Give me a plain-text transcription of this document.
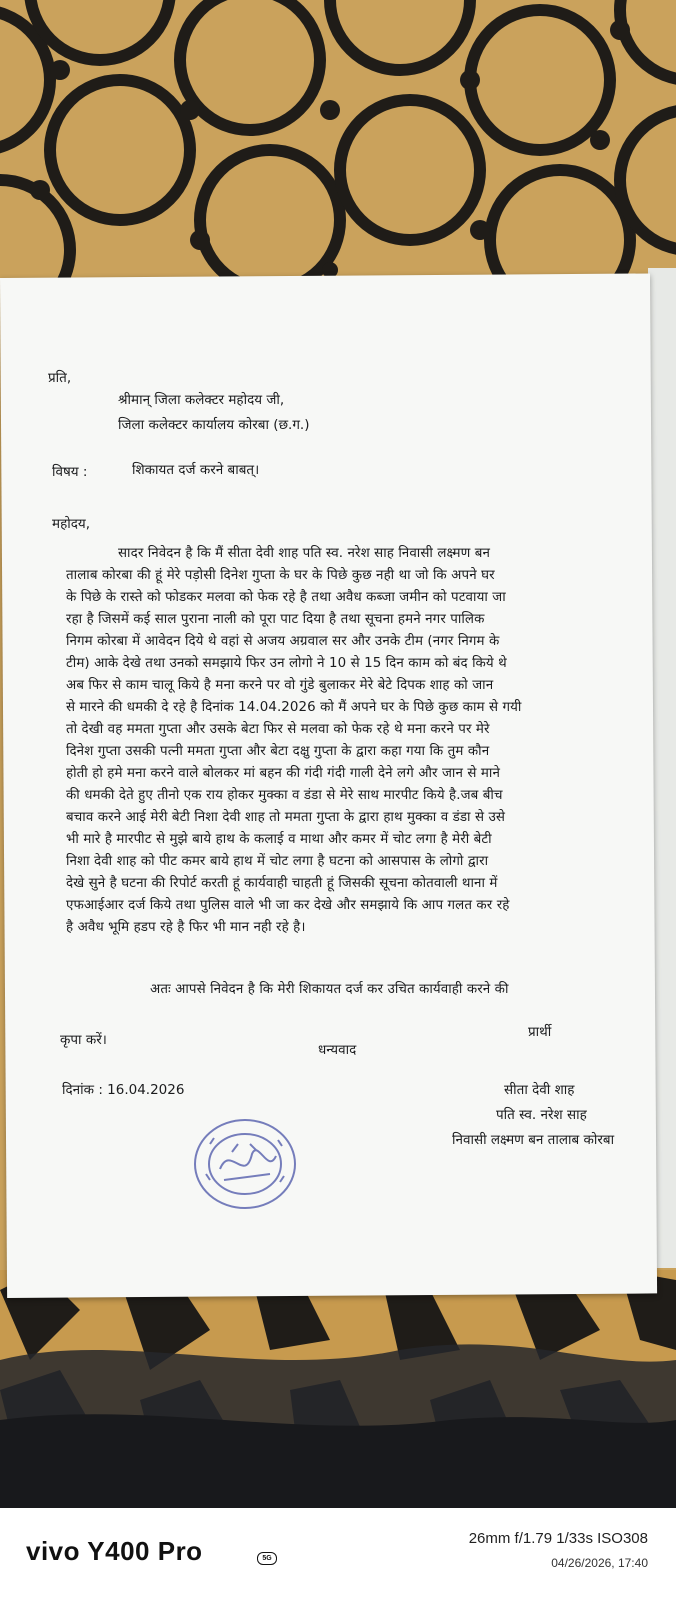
प्रति,
श्रीमान् जिला कलेक्टर महोदय जी,
जिला कलेक्टर कार्यालय कोरबा (छ.ग.)
विषय :	शिकायत दर्ज करने बाबत्।
महोदय,
सादर निवेदन है कि मैं सीता देवी शाह पति स्व. नरेश साह निवासी लक्ष्मण बन
तालाब कोरबा की हूं मेरे पड़ोसी दिनेश गुप्ता के घर के पिछे कुछ नही था जो कि अपने घर
के पिछे के रास्ते को फोडकर मलवा को फेक रहे है तथा अवैध कब्जा जमीन को पटवाया जा
रहा है जिसमें कई साल पुराना नाली को पूरा पाट दिया है तथा सूचना हमने नगर पालिक
निगम कोरबा में आवेदन दिये थे वहां से अजय अग्रवाल सर और उनके टीम (नगर निगम के
टीम) आके देखे तथा उनको समझाये फिर उन लोगो ने 10 से 15 दिन काम को बंद किये थे
अब फिर से काम चालू किये है मना करने पर वो गुंडे बुलाकर मेरे बेटे दिपक शाह को जान
से मारने की धमकी दे रहे है दिनांक 14.04.2026 को मैं अपने घर के पिछे कुछ काम से गयी
तो देखी वह ममता गुप्ता और उसके बेटा फिर से मलवा को फेक रहे थे मना करने पर मेरे
दिनेश गुप्ता उसकी पत्नी ममता गुप्ता और बेटा दक्षु गुप्ता के द्वारा कहा गया कि तुम कौन
होती हो हमे मना करने वाले बोलकर मां बहन की गंदी गंदी गाली देने लगे और जान से माने
की धमकी देते हुए तीनो एक राय होकर मुक्का व डंडा से मेरे साथ मारपीट किये है.जब बीच
बचाव करने आई मेरी बेटी निशा देवी शाह तो ममता गुप्ता के द्वारा हाथ मुक्का व डंडा से उसे
भी मारे है मारपीट से मुझे बाये हाथ के कलाई व माथा और कमर में चोट लगा है मेरी बेटी
निशा देवी शाह को पीट कमर बाये हाथ में चोट लगा है घटना को आसपास के लोगो द्वारा
देखे सुने है घटना की रिपोर्ट करती हूं कार्यवाही चाहती हूं जिसकी सूचना कोतवाली थाना में
एफआईआर दर्ज किये तथा पुलिस वाले भी जा कर देखे और समझाये कि आप गलत कर रहे
है अवैध भूमि हडप रहे है फिर भी मान नही रहे है।
अतः आपसे निवेदन है कि मेरी शिकायत दर्ज कर उचित कार्यवाही करने की
कृपा करें।
धन्यवाद
प्रार्थी
दिनांक : 16.04.2026	सीता देवी शाह
पति स्व. नरेश साह
निवासी लक्ष्मण बन तालाब कोरबा
vivo Y400 Pro	5G
26mm f/1.79 1/33s ISO308
04/26/2026, 17:40
